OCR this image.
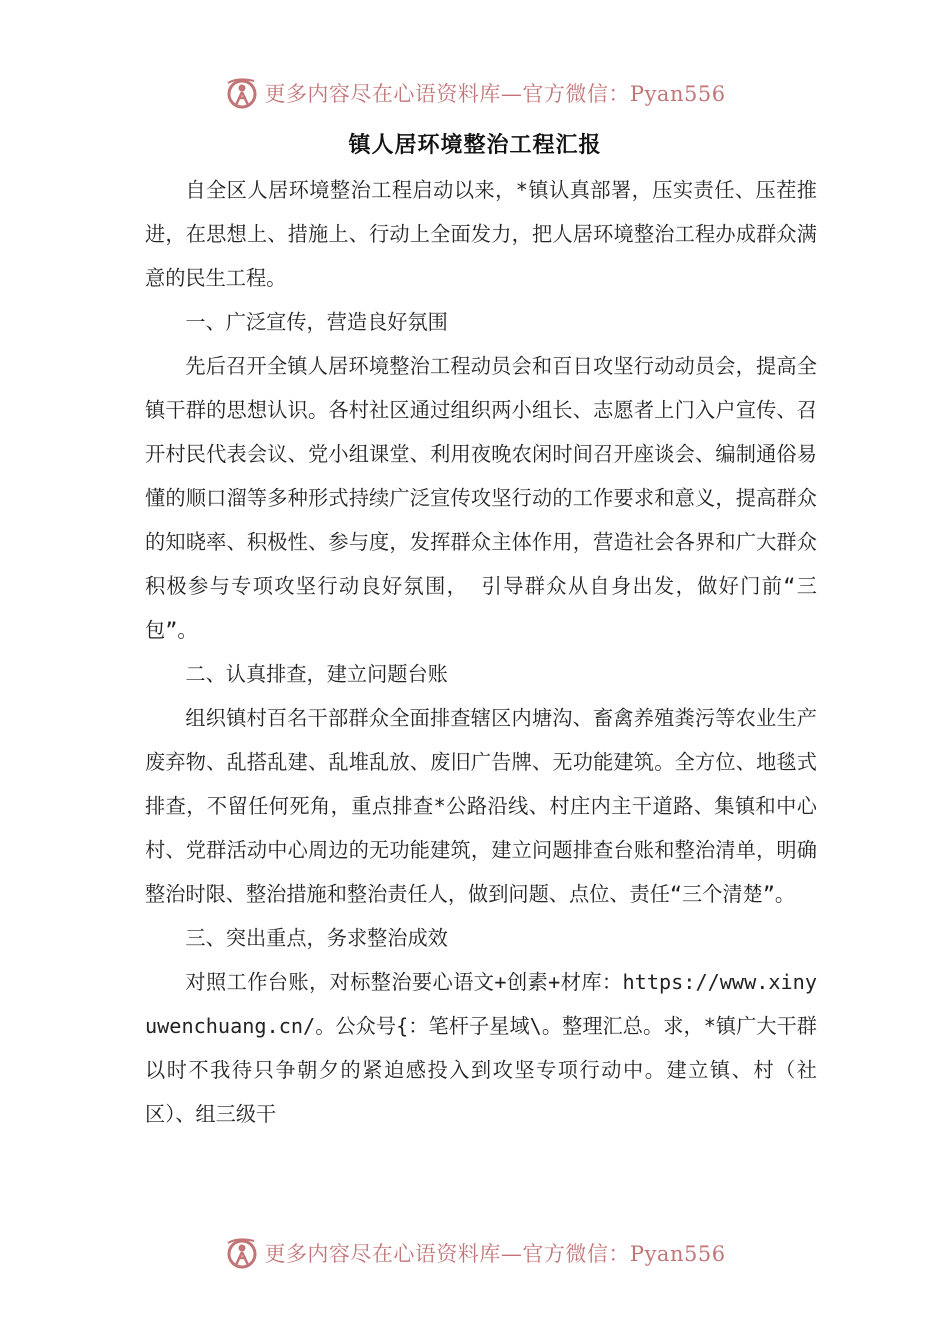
更多内容尽在心语资料库—官方微信：Pyan556
镇人居环境整治工程汇报

自全区人居环境整治工程启动以来，*镇认真部署，压实责任、压茬推进，在思想上、措施上、行动上全面发力，把人居环境整治工程办成群众满意的民生工程。

一、广泛宣传，营造良好氛围

先后召开全镇人居环境整治工程动员会和百日攻坚行动动员会，提高全镇干群的思想认识。各村社区通过组织两小组长、志愿者上门入户宣传、召开村民代表会议、党小组课堂、利用夜晚农闲时间召开座谈会、编制通俗易懂的顺口溜等多种形式持续广泛宣传攻坚行动的工作要求和意义，提高群众的知晓率、积极性、参与度，发挥群众主体作用，营造社会各界和广大群众积极参与专项攻坚行动良好氛围， 引导群众从自身出发，做好门前“三包”。

二、认真排查，建立问题台账

组织镇村百名干部群众全面排查辖区内塘沟、畜禽养殖粪污等农业生产废弃物、乱搭乱建、乱堆乱放、废旧广告牌、无功能建筑。全方位、地毯式排查，不留任何死角，重点排查*公路沿线、村庄内主干道路、集镇和中心村、党群活动中心周边的无功能建筑，建立问题排查台账和整治清单，明确整治时限、整治措施和整治责任人，做到问题、点位、责任“三个清楚”。

三、突出重点，务求整治成效

对照工作台账，对标整治要心语文+创素+材库：https://www.xinyuwenchuang.cn/。公众号{：笔杆子星域\。整理汇总。求，*镇广大干群以时不我待只争朝夕的紧迫感投入到攻坚专项行动中。建立镇、村（社区）、组三级干

更多内容尽在心语资料库—官方微信：Pyan556
